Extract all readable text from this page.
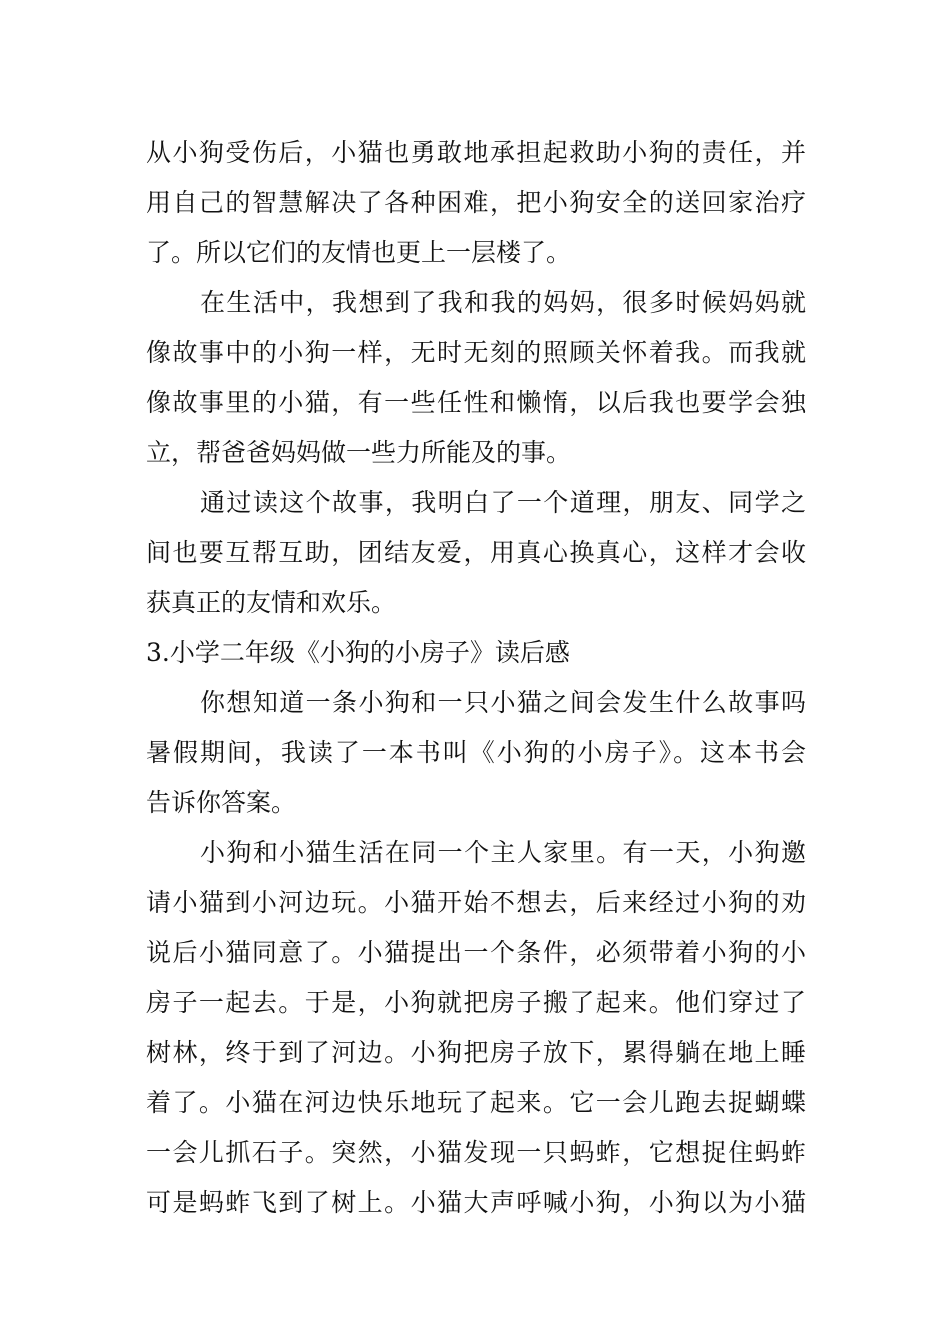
从小狗受伤后，小猫也勇敢地承担起救助小狗的责任，并
用自己的智慧解决了各种困难，把小狗安全的送回家治疗
了。所以它们的友情也更上一层楼了。
在生活中，我想到了我和我的妈妈，很多时候妈妈就
像故事中的小狗一样，无时无刻的照顾关怀着我。而我就
像故事里的小猫，有一些任性和懒惰，以后我也要学会独
立，帮爸爸妈妈做一些力所能及的事。
通过读这个故事，我明白了一个道理，朋友、同学之
间也要互帮互助，团结友爱，用真心换真心，这样才会收
获真正的友情和欢乐。
3.小学二年级《小狗的小房子》读后感
你想知道一条小狗和一只小猫之间会发生什么故事吗
暑假期间，我读了一本书叫《小狗的小房子》。这本书会
告诉你答案。
小狗和小猫生活在同一个主人家里。有一天，小狗邀
请小猫到小河边玩。小猫开始不想去，后来经过小狗的劝
说后小猫同意了。小猫提出一个条件，必须带着小狗的小
房子一起去。于是，小狗就把房子搬了起来。他们穿过了
树林，终于到了河边。小狗把房子放下，累得躺在地上睡
着了。小猫在河边快乐地玩了起来。它一会儿跑去捉蝴蝶
一会儿抓石子。突然，小猫发现一只蚂蚱，它想捉住蚂蚱
可是蚂蚱飞到了树上。小猫大声呼喊小狗，小狗以为小猫
